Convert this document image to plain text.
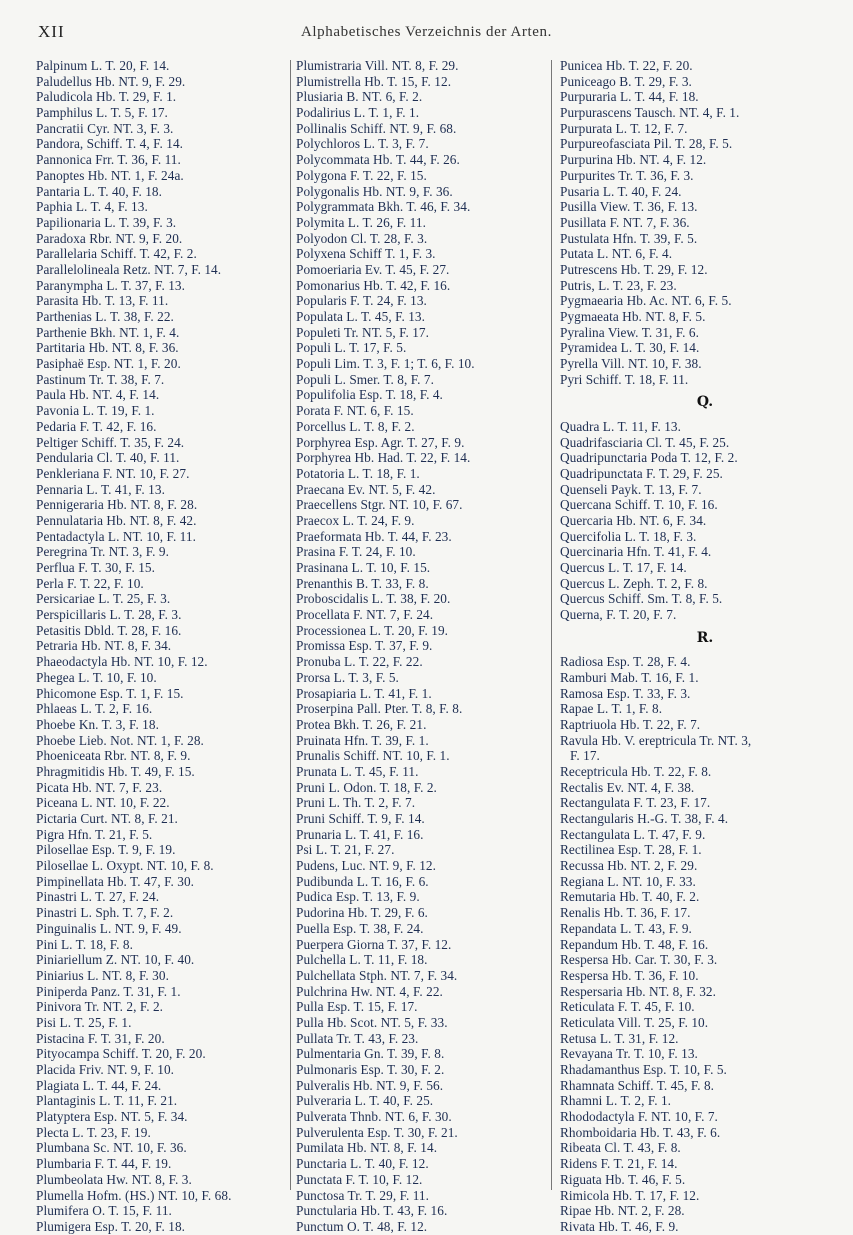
XII	Alphabetisches Verzeichnis der Arten.
Palpinum L. T. 20, F. 14.
Paludellus Hb. NT. 9, F. 29.
Paludicola Hb. T. 29, F. 1.
Pamphilus L. T. 5, F. 17.
Pancratii Cyr. NT. 3, F. 3.
Pandora, Schiff. T. 4, F. 14.
Pannonica Frr. T. 36, F. 11.
Panoptes Hb. NT. 1, F. 24a.
Pantaria L. T. 40, F. 18.
Paphia L. T. 4, F. 13.
Papilionaria L. T. 39, F. 3.
Paradoxa Rbr. NT. 9, F. 20.
Parallelaria Schiff. T. 42, F. 2.
Parallelolineala Retz. NT. 7, F. 14.
Paranympha L. T. 37, F. 13.
Parasita Hb. T. 13, F. 11.
Parthenias L. T. 38, F. 22.
Parthenie Bkh. NT. 1, F. 4.
Partitaria Hb. NT. 8, F. 36.
Pasiphaë Esp. NT. 1, F. 20.
Pastinum Tr. T. 38, F. 7.
Paula Hb. NT. 4, F. 14.
Pavonia L. T. 19, F. 1.
Pedaria F. T. 42, F. 16.
Peltiger Schiff. T. 35, F. 24.
Pendularia Cl. T. 40, F. 11.
Penkleriana F. NT. 10, F. 27.
Pennaria L. T. 41, F. 13.
Pennigeraria Hb. NT. 8, F. 28.
Pennulataria Hb. NT. 8, F. 42.
Pentadactyla L. NT. 10, F. 11.
Peregrina Tr. NT. 3, F. 9.
Perflua F. T. 30, F. 15.
Perla F. T. 22, F. 10.
Persicariae L. T. 25, F. 3.
Perspicillaris L. T. 28, F. 3.
Petasitis Dbld. T. 28, F. 16.
Petraria Hb. NT. 8, F. 34.
Phaeodactyla Hb. NT. 10, F. 12.
Phegea L. T. 10, F. 10.
Phicomone Esp. T. 1, F. 15.
Phlaeas L. T. 2, F. 16.
Phoebe Kn. T. 3, F. 18.
Phoebe Lieb. Not. NT. 1, F. 28.
Phoeniceata Rbr. NT. 8, F. 9.
Phragmitidis Hb. T. 49, F. 15.
Picata Hb. NT. 7, F. 23.
Piceana L. NT. 10, F. 22.
Pictaria Curt. NT. 8, F. 21.
Pigra Hfn. T. 21, F. 5.
Pilosellae Esp. T. 9, F. 19.
Pilosellae L. Oxypt. NT. 10, F. 8.
Pimpinellata Hb. T. 47, F. 30.
Pinastri L. T. 27, F. 24.
Pinastri L. Sph. T. 7, F. 2.
Pinguinalis L. NT. 9, F. 49.
Pini L. T. 18, F. 8.
Piniariellum Z. NT. 10, F. 40.
Piniarius L. NT. 8, F. 30.
Piniperda Panz. T. 31, F. 1.
Pinivora Tr. NT. 2, F. 2.
Pisi L. T. 25, F. 1.
Pistacina F. T. 31, F. 20.
Pityocampa Schiff. T. 20, F. 20.
Placida Friv. NT. 9, F. 10.
Plagiata L. T. 44, F. 24.
Plantaginis L. T. 11, F. 21.
Platyptera Esp. NT. 5, F. 34.
Plecta L. T. 23, F. 19.
Plumbana Sc. NT. 10, F. 36.
Plumbaria F. T. 44, F. 19.
Plumbeolata Hw. NT. 8, F. 3.
Plumella Hofm. (HS.) NT. 10, F. 68.
Plumifera O. T. 15, F. 11.
Plumigera Esp. T. 20, F. 18.
Plumistraria Vill. NT. 8, F. 29.
Plumistrella Hb. T. 15, F. 12.
Plusiaria B. NT. 6, F. 2.
Podalirius L. T. 1, F. 1.
Pollinalis Schiff. NT. 9, F. 68.
Polychloros L. T. 3, F. 7.
Polycommata Hb. T. 44, F. 26.
Polygona F. T. 22, F. 15.
Polygonalis Hb. NT. 9, F. 36.
Polygrammata Bkh. T. 46, F. 34.
Polymita L. T. 26, F. 11.
Polyodon Cl. T. 28, F. 3.
Polyxena Schiff T. 1, F. 3.
Pomoeriaria Ev. T. 45, F. 27.
Pomonarius Hb. T. 42, F. 16.
Popularis F. T. 24, F. 13.
Populata L. T. 45, F. 13.
Populeti Tr. NT. 5, F. 17.
Populi L. T. 17, F. 5.
Populi Lim. T. 3, F. 1; T. 6, F. 10.
Populi L. Smer. T. 8, F. 7.
Populifolia Esp. T. 18, F. 4.
Porata F. NT. 6, F. 15.
Porcellus L. T. 8, F. 2.
Porphyrea Esp. Agr. T. 27, F. 9.
Porphyrea Hb. Had. T. 22, F. 14.
Potatoria L. T. 18, F. 1.
Praecana Ev. NT. 5, F. 42.
Praecellens Stgr. NT. 10, F. 67.
Praecox L. T. 24, F. 9.
Praeformata Hb. T. 44, F. 23.
Prasina F. T. 24, F. 10.
Prasinana L. T. 10, F. 15.
Prenanthis B. T. 33, F. 8.
Proboscidalis L. T. 38, F. 20.
Procellata F. NT. 7, F. 24.
Processionea L. T. 20, F. 19.
Promissa Esp. T. 37, F. 9.
Pronuba L. T. 22, F. 22.
Prorsa L. T. 3, F. 5.
Prosapiaria L. T. 41, F. 1.
Proserpina Pall. Pter. T. 8, F. 8.
Protea Bkh. T. 26, F. 21.
Pruinata Hfn. T. 39, F. 1.
Prunalis Schiff. NT. 10, F. 1.
Prunata L. T. 45, F. 11.
Pruni L. Odon. T. 18, F. 2.
Pruni L. Th. T. 2, F. 7.
Pruni Schiff. T. 9, F. 14.
Prunaria L. T. 41, F. 16.
Psi L. T. 21, F. 27.
Pudens, Luc. NT. 9, F. 12.
Pudibunda L. T. 16, F. 6.
Pudica Esp. T. 13, F. 9.
Pudorina Hb. T. 29, F. 6.
Puella Esp. T. 38, F. 24.
Puerpera Giorna T. 37, F. 12.
Pulchella L. T. 11, F. 18.
Pulchellata Stph. NT. 7, F. 34.
Pulchrina Hw. NT. 4, F. 22.
Pulla Esp. T. 15, F. 17.
Pulla Hb. Scot. NT. 5, F. 33.
Pullata Tr. T. 43, F. 23.
Pulmentaria Gn. T. 39, F. 8.
Pulmonaris Esp. T. 30, F. 2.
Pulveralis Hb. NT. 9, F. 56.
Pulveraria L. T. 40, F. 25.
Pulverata Thnb. NT. 6, F. 30.
Pulverulenta Esp. T. 30, F. 21.
Pumilata Hb. NT. 8, F. 14.
Punctaria L. T. 40, F. 12.
Punctata F. T. 10, F. 12.
Punctosa Tr. T. 29, F. 11.
Punctularia Hb. T. 43, F. 16.
Punctum O. T. 48, F. 12.
Punicea Hb. T. 22, F. 20.
Puniceago B. T. 29, F. 3.
Purpuraria L. T. 44, F. 18.
Purpurascens Tausch. NT. 4, F. 1.
Purpurata L. T. 12, F. 7.
Purpureofasciata Pil. T. 28, F. 5.
Purpurina Hb. NT. 4, F. 12.
Purpurites Tr. T. 36, F. 3.
Pusaria L. T. 40, F. 24.
Pusilla View. T. 36, F. 13.
Pusillata F. NT. 7, F. 36.
Pustulata Hfn. T. 39, F. 5.
Putata L. NT. 6, F. 4.
Putrescens Hb. T. 29, F. 12.
Putris, L. T. 23, F. 23.
Pygmaearia Hb. Ac. NT. 6, F. 5.
Pygmaeata Hb. NT. 8, F. 5.
Pyralina View. T. 31, F. 6.
Pyramidea L. T. 30, F. 14.
Pyrella Vill. NT. 10, F. 38.
Pyri Schiff. T. 18, F. 11.
Q.
Quadra L. T. 11, F. 13.
Quadrifasciaria Cl. T. 45, F. 25.
Quadripunctaria Poda T. 12, F. 2.
Quadripunctata F. T. 29, F. 25.
Quenseli Payk. T. 13, F. 7.
Quercana Schiff. T. 10, F. 16.
Quercaria Hb. NT. 6, F. 34.
Quercifolia L. T. 18, F. 3.
Quercinaria Hfn. T. 41, F. 4.
Quercus L. T. 17, F. 14.
Quercus L. Zeph. T. 2, F. 8.
Quercus Schiff. Sm. T. 8, F. 5.
Querna, F. T. 20, F. 7.
R.
Radiosa Esp. T. 28, F. 4.
Ramburi Mab. T. 16, F. 1.
Ramosa Esp. T. 33, F. 3.
Rapae L. T. 1, F. 8.
Raptriuola Hb. T. 22, F. 7.
Ravula Hb. V. ereptricula Tr. NT. 3,
F. 17.
Receptricula Hb. T. 22, F. 8.
Rectalis Ev. NT. 4, F. 38.
Rectangulata F. T. 23, F. 17.
Rectangularis H.-G. T. 38, F. 4.
Rectangulata L. T. 47, F. 9.
Rectilinea Esp. T. 28, F. 1.
Recussa Hb. NT. 2, F. 29.
Regiana L. NT. 10, F. 33.
Remutaria Hb. T. 40, F. 2.
Renalis Hb. T. 36, F. 17.
Repandata L. T. 43, F. 9.
Repandum Hb. T. 48, F. 16.
Respersa Hb. Car. T. 30, F. 3.
Respersa Hb. T. 36, F. 10.
Respersaria Hb. NT. 8, F. 32.
Reticulata F. T. 45, F. 10.
Reticulata Vill. T. 25, F. 10.
Retusa L. T. 31, F. 12.
Revayana Tr. T. 10, F. 13.
Rhadamanthus Esp. T. 10, F. 5.
Rhamnata Schiff. T. 45, F. 8.
Rhamni L. T. 2, F. 1.
Rhododactyla F. NT. 10, F. 7.
Rhomboidaria Hb. T. 43, F. 6.
Ribeata Cl. T. 43, F. 8.
Ridens F. T. 21, F. 14.
Riguata Hb. T. 46, F. 5.
Rimicola Hb. T. 17, F. 12.
Ripae Hb. NT. 2, F. 28.
Rivata Hb. T. 46, F. 9.
